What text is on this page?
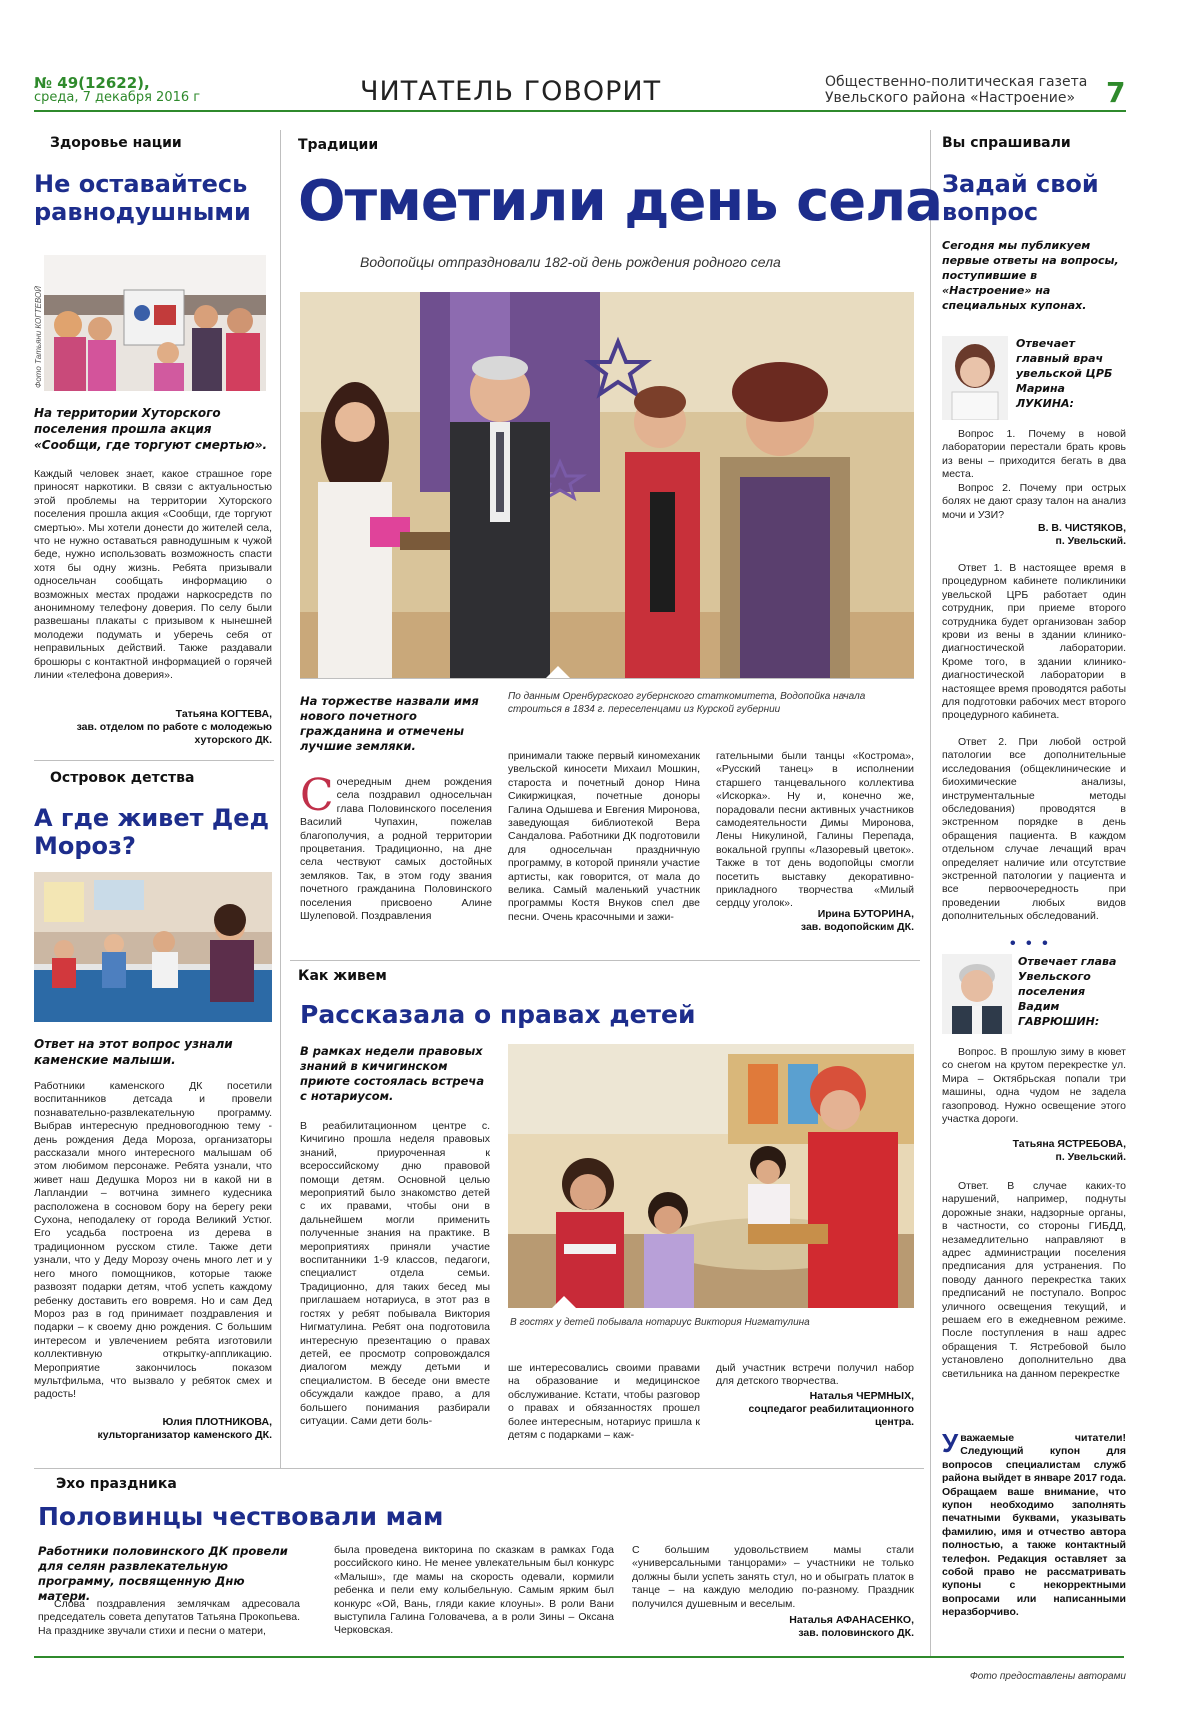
№ 49(12622),
среда, 7 декабря 2016 г	ЧИТАТЕЛЬ ГОВОРИТ	Общественно-политическая газета
Увельского района «Настроение»	7
Здоровье нации
Не оставайтесь равнодушными
Фото Татьяни КОГТЕВОЙ
На территории Хуторского поселения прошла акция «Сообщи, где торгуют смертью».
Каждый человек знает, какое страшное горе приносят наркотики. В связи с актуальностью этой проблемы на территории Хуторского поселения прошла акция «Сообщи, где торгуют смертью». Мы хотели донести до жителей села, что не нужно оставаться равнодушным к чужой беде, нужно использовать возможность спасти хотя бы одну жизнь. Ребята призывали односельчан сообщать информацию о возможных местах продажи наркосредств по анонимному телефону доверия. По селу были развешаны плакаты с призывом к нынешней молодежи подумать и уберечь себя от неправильных действий. Также раздавали брошюры с контактной информацией о горячей линии «телефона доверия».
Татьяна КОГТЕВА,
зав. отделом по работе с молодежью хуторского ДК.
Островок детства
А где живет Дед Мороз?
Ответ на этот вопрос узнали каменские малыши.
Работники каменского ДК посетили воспитанников детсада и провели познавательно-развлекательную программу. Выбрав интересную предновогоднюю тему - день рождения Деда Мороза, организаторы рассказали много интересного малышам об этом любимом персонаже. Ребята узнали, что живет наш Дедушка Мороз ни в какой ни в Лапландии – вотчина зимнего кудесника расположена в сосновом бору на берегу реки Сухона, неподалеку от города Великий Устюг. Его усадьба построена из дерева в традиционном русском стиле. Также дети узнали, что у Деду Морозу очень много лет и у него много помощников, которые также развозят подарки детям, чтоб успеть каждому ребенку доставить его вовремя. Но и сам Дед Мороз раз в год принимает поздравления и подарки – к своему дню рождения. С большим интересом и увлечением ребята изготовили коллективную открытку-аппликацию. Мероприятие закончилось показом мультфильма, что вызвало у ребяток смех и радость!
Юлия ПЛОТНИКОВА,
культорганизатор каменского ДК.
Традиции
Отметили день села
Водопойцы отпраздновали 182-ой день рождения родного села
На торжестве назвали имя нового почетного гражданина и отмечены лучшие земляки.
По данным Оренбургского губернского статкомитета, Водопойка начала строиться в 1834 г. переселенцами из Курской губернии
Сочередным днем рождения села поздравил односельчан глава Половинского поселения Василий Чупахин, пожелав благополучия, а родной территории процветания. Традиционно, на дне села чествуют самых достойных земляков. Так, в этом году звания почетного гражданина Половинского поселения присвоено Алине Шулеповой. Поздравления
принимали также первый киномеханик увельской киносети Михаил Мошкин, староста и почетный донор Нина Сикиржицкая, почетные доноры Галина Одышева и Евгения Миронова, заведующая библиотекой Вера Сандалова. Работники ДК подготовили для односельчан праздничную программу, в которой приняли участие артисты, как говорится, от мала до велика. Самый маленький участник программы Костя Внуков спел две песни. Очень красочными и зажи-
гательными были танцы «Кострома», «Русский танец» в исполнении старшего танцевального коллектива «Искорка». Ну и, конечно же, порадовали песни активных участников самодеятельности Димы Миронова, Лены Никулиной, Галины Перепада, вокальной группы «Лазоревый цветок». Также в тот день водопойцы смогли посетить выставку декоративно-прикладного творчества «Милый сердцу уголок».
Ирина БУТОРИНА,
зав. водопойским ДК.
Как живем
Рассказала о правах детей
В рамках недели правовых знаний в кичигинском приюте состоялась встреча с нотариусом.
В реабилитационном центре с. Кичигино прошла неделя правовых знаний, приуроченная к всероссийскому дню правовой помощи детям. Основной целью мероприятий было знакомство детей с их правами, чтобы они в дальнейшем могли применить полученные знания на практике. В мероприятиях приняли участие воспитанники 1-9 классов, педагоги, специалист отдела семьи. Традиционно, для таких бесед мы приглашаем нотариуса, в этот раз в гостях у ребят побывала Виктория Нигматулина. Ребят она подготовила интересную презентацию о правах детей, ее просмотр сопровождался диалогом между детьми и специалистом. В беседе они вместе обсуждали каждое право, а для большего понимания разбирали ситуации. Сами дети боль-
В гостях у детей побывала нотариус Виктория Нигматулина
ше интересовались своими правами на образование и медицинское обслуживание. Кстати, чтобы разговор о правах и обязанностях прошел более интересным, нотариус пришла к детям с подарками – каж-
дый участник встречи получил набор для детского творчества.
Наталья ЧЕРМНЫХ,
соцпедагог реабилитационного центра.
Вы спрашивали
Задай свой вопрос
Сегодня мы публикуем первые ответы на вопросы, поступившие в «Настроение» на специальных купонах.
Отвечает главный врач увельской ЦРБ Марина ЛУКИНА:
Вопрос 1. Почему в новой лаборатории перестали брать кровь из вены – приходится бегать в два места.
Вопрос 2. Почему при острых болях не дают сразу талон на анализ мочи и УЗИ?
В. В. ЧИСТЯКОВ,
п. Увельский.
Ответ 1. В настоящее время в процедурном кабинете поликлиники увельской ЦРБ работает один сотрудник, при приеме второго сотрудника будет организован забор крови из вены в здании клинико-диагностической лаборатории. Кроме того, в здании клинико-диагностической лаборатории в настоящее время проводятся работы для подготовки рабочих мест второго процедурного кабинета.
Ответ 2. При любой острой патологии все дополнительные исследования (общеклинические и биохимические анализы, инструментальные методы обследования) проводятся в экстренном порядке в день обращения пациента. В каждом отдельном случае лечащий врач определяет наличие или отсутствие экстренной патологии у пациента и все первоочередность при проведении любых видов дополнительных обследований.
• • •
Отвечает глава Увельского поселения Вадим ГАВРЮШИН:
Вопрос. В прошлую зиму в кювет со снегом на крутом перекрестке ул. Мира – Октябрьская попали три машины, одна чудом не задела газопровод. Нужно освещение этого участка дороги.
Татьяна ЯСТРЕБОВА,
п. Увельский.
Ответ. В случае каких-то нарушений, например, поднуты дорожные знаки, надзорные органы, в частности, со стороны ГИБДД, незамедлительно направляют в адрес администрации поселения предписания для устранения. По поводу данного перекрестка таких предписаний не поступало. Вопрос уличного освещения текущий, и решаем его в ежедневном режиме. После поступления в наш адрес обращения Т. Ястребовой было установлено дополнительно два светильника на данном перекрестке
Уважаемые читатели! Следующий купон для вопросов специалистам служб района выйдет в январе 2017 года. Обращаем ваше внимание, что купон необходимо заполнять печатными буквами, указывать фамилию, имя и отчество автора полностью, а также контактный телефон. Редакция оставляет за собой право не рассматривать купоны с некорректными вопросами или написанными неразборчиво.
Эхо праздника
Половинцы чествовали мам
Работники половинского ДК провели для селян развлекательную программу, посвященную Дню матери.
Слова поздравления землячкам адресовала председатель совета депутатов Татьяна Прокопьева. На празднике звучали стихи и песни о матери,
была проведена викторина по сказкам в рамках Года российского кино. Не менее увлекательным был конкурс «Малыш», где мамы на скорость одевали, кормили ребенка и пели ему колыбельную. Самым ярким был конкурс «Ой, Вань, гляди какие клоуны». В роли Вани выступила Галина Головачева, а в роли Зины – Оксана Черковская.
С большим удовольствием мамы стали «универсальными танцорами» – участники не только должны были успеть занять стул, но и обыграть платок в танце – на каждую мелодию по-разному. Праздник получился душевным и веселым.
Наталья АФАНАСЕНКО,
зав. половинского ДК.
Фото предоставлены авторами
